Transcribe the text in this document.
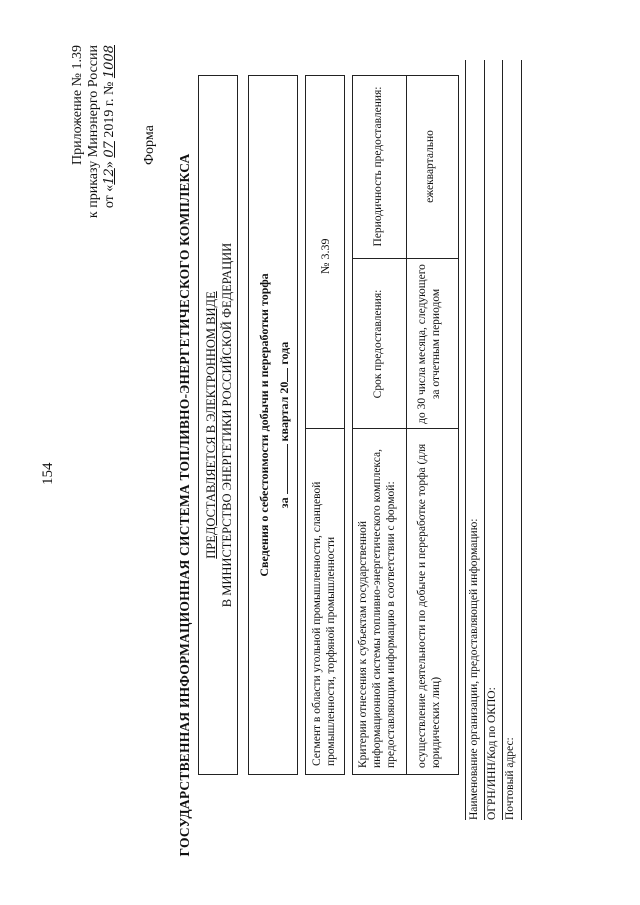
154
Приложение № 1.39 к приказу Минэнерго России от «12» 07 2019 г. № 1008
Форма
ГОСУДАРСТВЕННАЯ ИНФОРМАЦИОННАЯ СИСТЕМА ТОПЛИВНО-ЭНЕРГЕТИЧЕСКОГО КОМПЛЕКСА ПРЕДОСТАВЛЯЕТСЯ В ЭЛЕКТРОННОМ ВИДЕ В МИНИСТЕРСТВО ЭНЕРГЕТИКИ РОССИЙСКОЙ ФЕДЕРАЦИИ Сведения о себестоимости добычи и переработки торфа за  квартал 20 года
Сегмент в области угольной промышленности, сланцевой промышленности, торфяной промышленности
№ 3.39
Критерии отнесения к субъектам государственной информационной системы топливно-энергетического комплекса, предоставляющим информацию в соответствии с формой:
Срок предоставления:
Периодичность предоставления:
осуществление деятельности по добыче и переработке торфа (для юридических лиц)
до 30 числа месяца, следующего за отчетным периодом
ежеквартально
Наименование организации, предоставляющей информацию: ОГРН/ИНН/Код по ОКПО: Почтовый адрес:
